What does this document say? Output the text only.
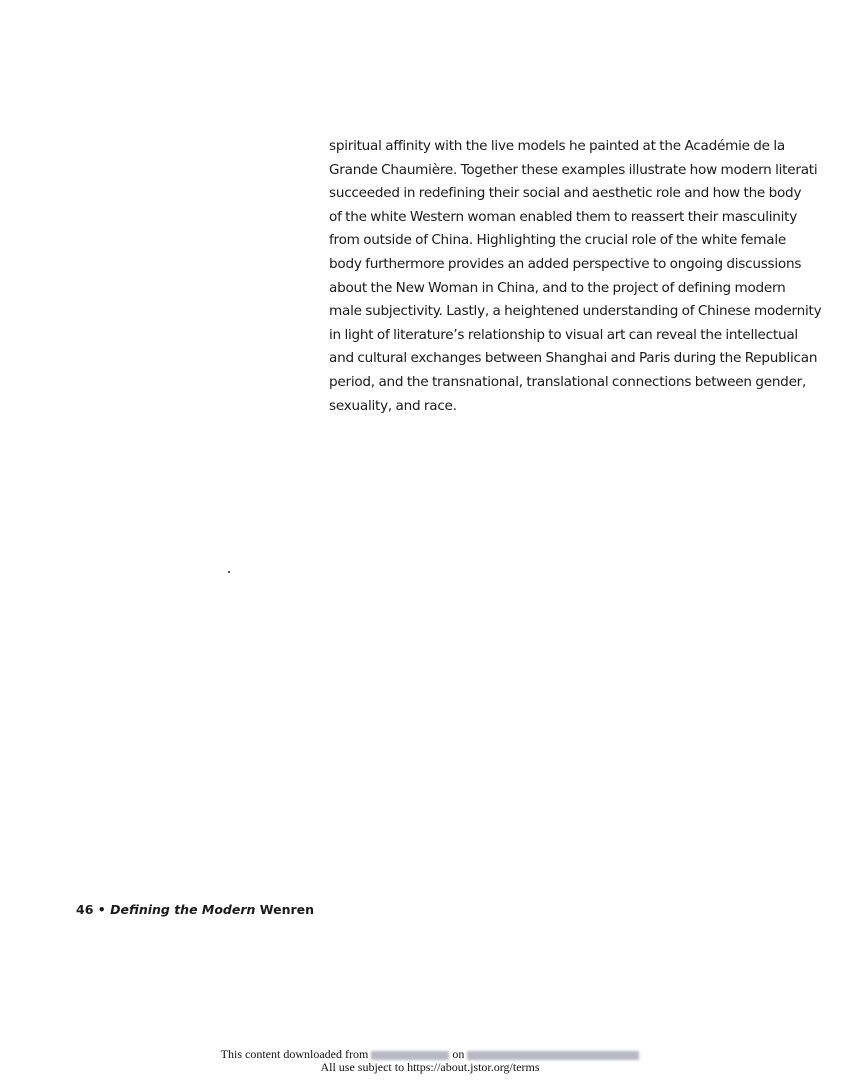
spiritual affinity with the live models he painted at the Académie de la
Grande Chaumière. Together these examples illustrate how modern literati
succeeded in redefining their social and aesthetic role and how the body
of the white Western woman enabled them to reassert their masculinity
from outside of China. Highlighting the crucial role of the white female
body furthermore provides an added perspective to ongoing discussions
about the New Woman in China, and to the project of defining modern
male subjectivity. Lastly, a heightened understanding of Chinese modernity
in light of literature’s relationship to visual art can reveal the intellectual
and cultural exchanges between Shanghai and Paris during the Republican
period, and the transnational, translational connections between gender,
sexuality, and race.
46 • Defining the Modern Wenren
This content downloaded from	on
All use subject to https://about.jstor.org/terms
